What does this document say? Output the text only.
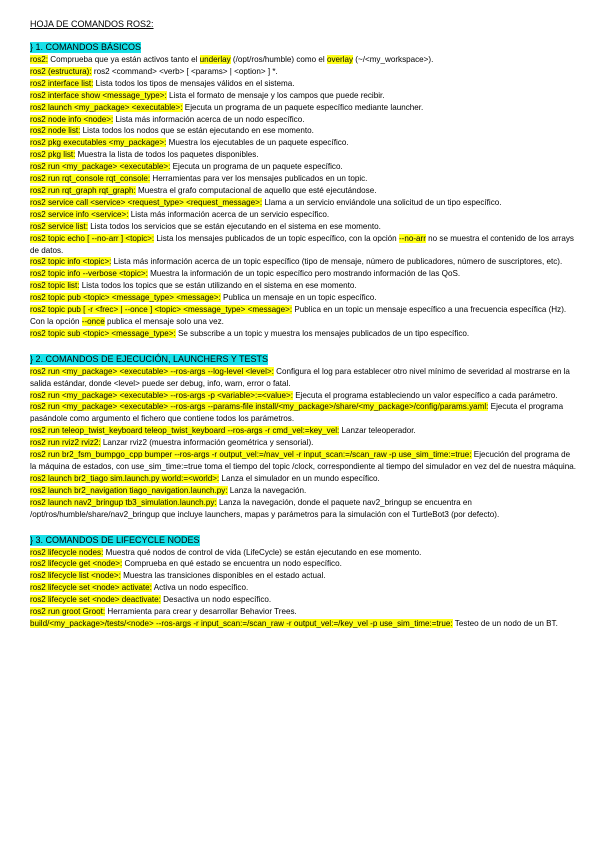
HOJA DE COMANDOS ROS2:
} 1. COMANDOS BÁSICOS

ros2: Comprueba que ya están activos tanto el underlay (/opt/ros/humble) como el overlay (~/<my_workspace>).

ros2 (estructura): ros2 <command> <verb> [ <params> | <option> ] *.

ros2 interface list: Lista todos los tipos de mensajes válidos en el sistema.

ros2 interface show <message_type>: Lista el formato de mensaje y los campos que puede recibir.

ros2 launch <my_package> <executable>: Ejecuta un programa de un paquete específico mediante launcher.

ros2 node info <node>: Lista más información acerca de un nodo específico.

ros2 node list: Lista todos los nodos que se están ejecutando en ese momento.

ros2 pkg executables <my_package>: Muestra los ejecutables de un paquete específico.

ros2 pkg list: Muestra la lista de todos los paquetes disponibles.

ros2 run <my_package> <executable>: Ejecuta un programa de un paquete específico.

ros2 run rqt_console rqt_console: Herramientas para ver los mensajes publicados en un topic.

ros2 run rqt_graph rqt_graph: Muestra el grafo computacional de aquello que esté ejecutándose.

ros2 service call <service> <request_type> <request_message>: Llama a un servicio enviándole una solicitud de un tipo específico.

ros2 service info <service>: Lista más información acerca de un servicio específico.

ros2 service list: Lista todos los servicios que se están ejecutando en el sistema en ese momento.

ros2 topic echo [ --no-arr ] <topic>: Lista los mensajes publicados de un topic específico, con la opción --no-arr no se muestra el contenido de los arrays de datos.

ros2 topic info <topic>: Lista más información acerca de un topic específico (tipo de mensaje, número de publicadores, número de suscriptores, etc).

ros2 topic info --verbose <topic>: Muestra la información de un topic específico pero mostrando información de las QoS.

ros2 topic list: Lista todos los topics que se están utilizando en el sistema en ese momento.

ros2 topic pub <topic> <message_type> <message>: Publica un mensaje en un topic específico.

ros2 topic pub [ -r <frec> | --once ] <topic> <message_type> <message>: Publica en un topic un mensaje específico a una frecuencia específica (Hz). Con la opción --once publica el mensaje solo una vez.

ros2 topic sub <topic> <message_type>: Se subscribe a un topic y muestra los mensajes publicados de un tipo específico.

} 2. COMANDOS DE EJECUCIÓN, LAUNCHERS Y TESTS

ros2 run <my_package> <executable> --ros-args --log-level <level>: Configura el log para establecer otro nivel mínimo de severidad al mostrarse en la salida estándar, donde <level> puede ser debug, info, warn, error o fatal.

ros2 run <my_package> <executable> --ros-args -p <variable>:=<value>: Ejecuta el programa estableciendo un valor específico a cada parámetro.

ros2 run <my_package> <executable> --ros-args --params-file install/<my_package>/share/<my_package>/config/params.yaml: Ejecuta el programa pasándole como argumento el fichero que contiene todos los parámetros.

ros2 run teleop_twist_keyboard teleop_twist_keyboard --ros-args -r cmd_vel:=key_vel: Lanzar teleoperador.

ros2 run rviz2 rviz2: Lanzar rviz2 (muestra información geométrica y sensorial).

ros2 run br2_fsm_bumpgo_cpp bumper --ros-args -r output_vel:=/nav_vel -r input_scan:=/scan_raw -p use_sim_time:=true: Ejecución del programa de la máquina de estados, con use_sim_time:=true toma el tiempo del topic /clock, correspondiente al tiempo del simulador en vez del de nuestra máquina.

ros2 launch br2_tiago sim.launch.py world:=<world>: Lanza el simulador en un mundo específico.

ros2 launch br2_navigation tiago_navigation.launch.py: Lanza la navegación.

ros2 launch nav2_bringup tb3_simulation.launch.py: Lanza la navegación, donde el paquete nav2_bringup se encuentra en /opt/ros/humble/share/nav2_bringup que incluye launchers, mapas y parámetros para la simulación con el TurtleBot3 (por defecto).

} 3. COMANDOS DE LIFECYCLE NODES

ros2 lifecycle nodes: Muestra qué nodos de control de vida (LifeCycle) se están ejecutando en ese momento.

ros2 lifecycle get <node>: Comprueba en qué estado se encuentra un nodo específico.

ros2 lifecycle list <node>: Muestra las transiciones disponibles en el estado actual.

ros2 lifecycle set <node> activate: Activa un nodo específico.

ros2 lifecycle set <node> deactivate: Desactiva un nodo específico.

ros2 run groot Groot: Herramienta para crear y desarrollar Behavior Trees.

build/<my_package>/tests/<node> --ros-args -r input_scan:=/scan_raw -r output_vel:=/key_vel -p use_sim_time:=true: Testeo de un nodo de un BT.
